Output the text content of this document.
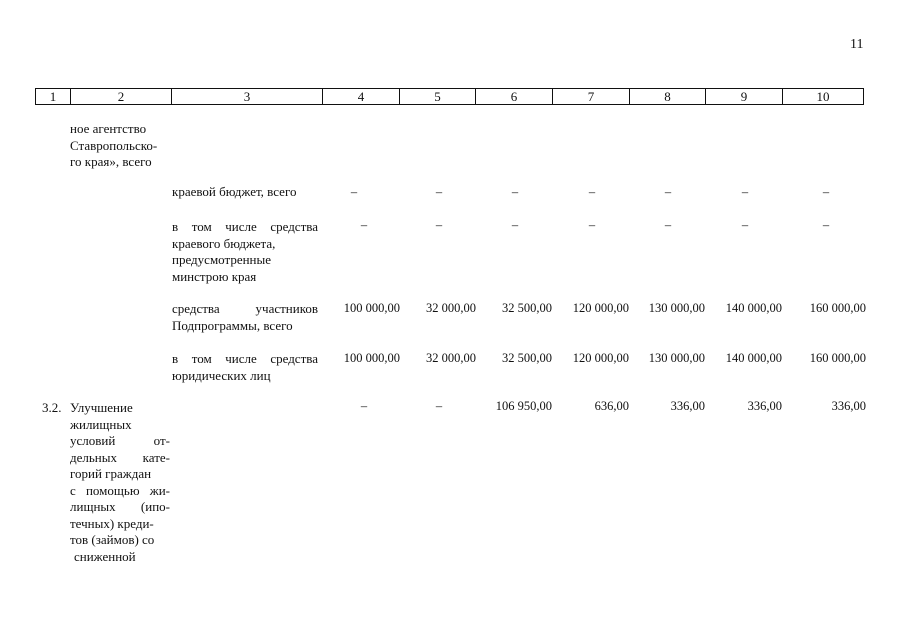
11
1	2	3	4	5	6	7	8	9	10
ное агентство
Ставропольско-
го края», всего
краевой бюджет, всего	–	–	–	–	–	–	–
в том числе средства
краевого бюджета,
предусмотренные
минстрою края
–	–	–	–	–	–	–
средства участников
Подпрограммы, всего
100 000,00	32 000,00	32 500,00	120 000,00	130 000,00	140 000,00	160 000,00
в том числе средства
юридических лиц
100 000,00	32 000,00	32 500,00	120 000,00	130 000,00	140 000,00	160 000,00
3.2. Улучшение
жилищных
условий от-
дельных кате-
горий граждан
с помощью жи-
лищных (ипо-
течных) креди-
тов (займов) со
сниженной
–	–	106 950,00	636,00	336,00	336,00	336,00
